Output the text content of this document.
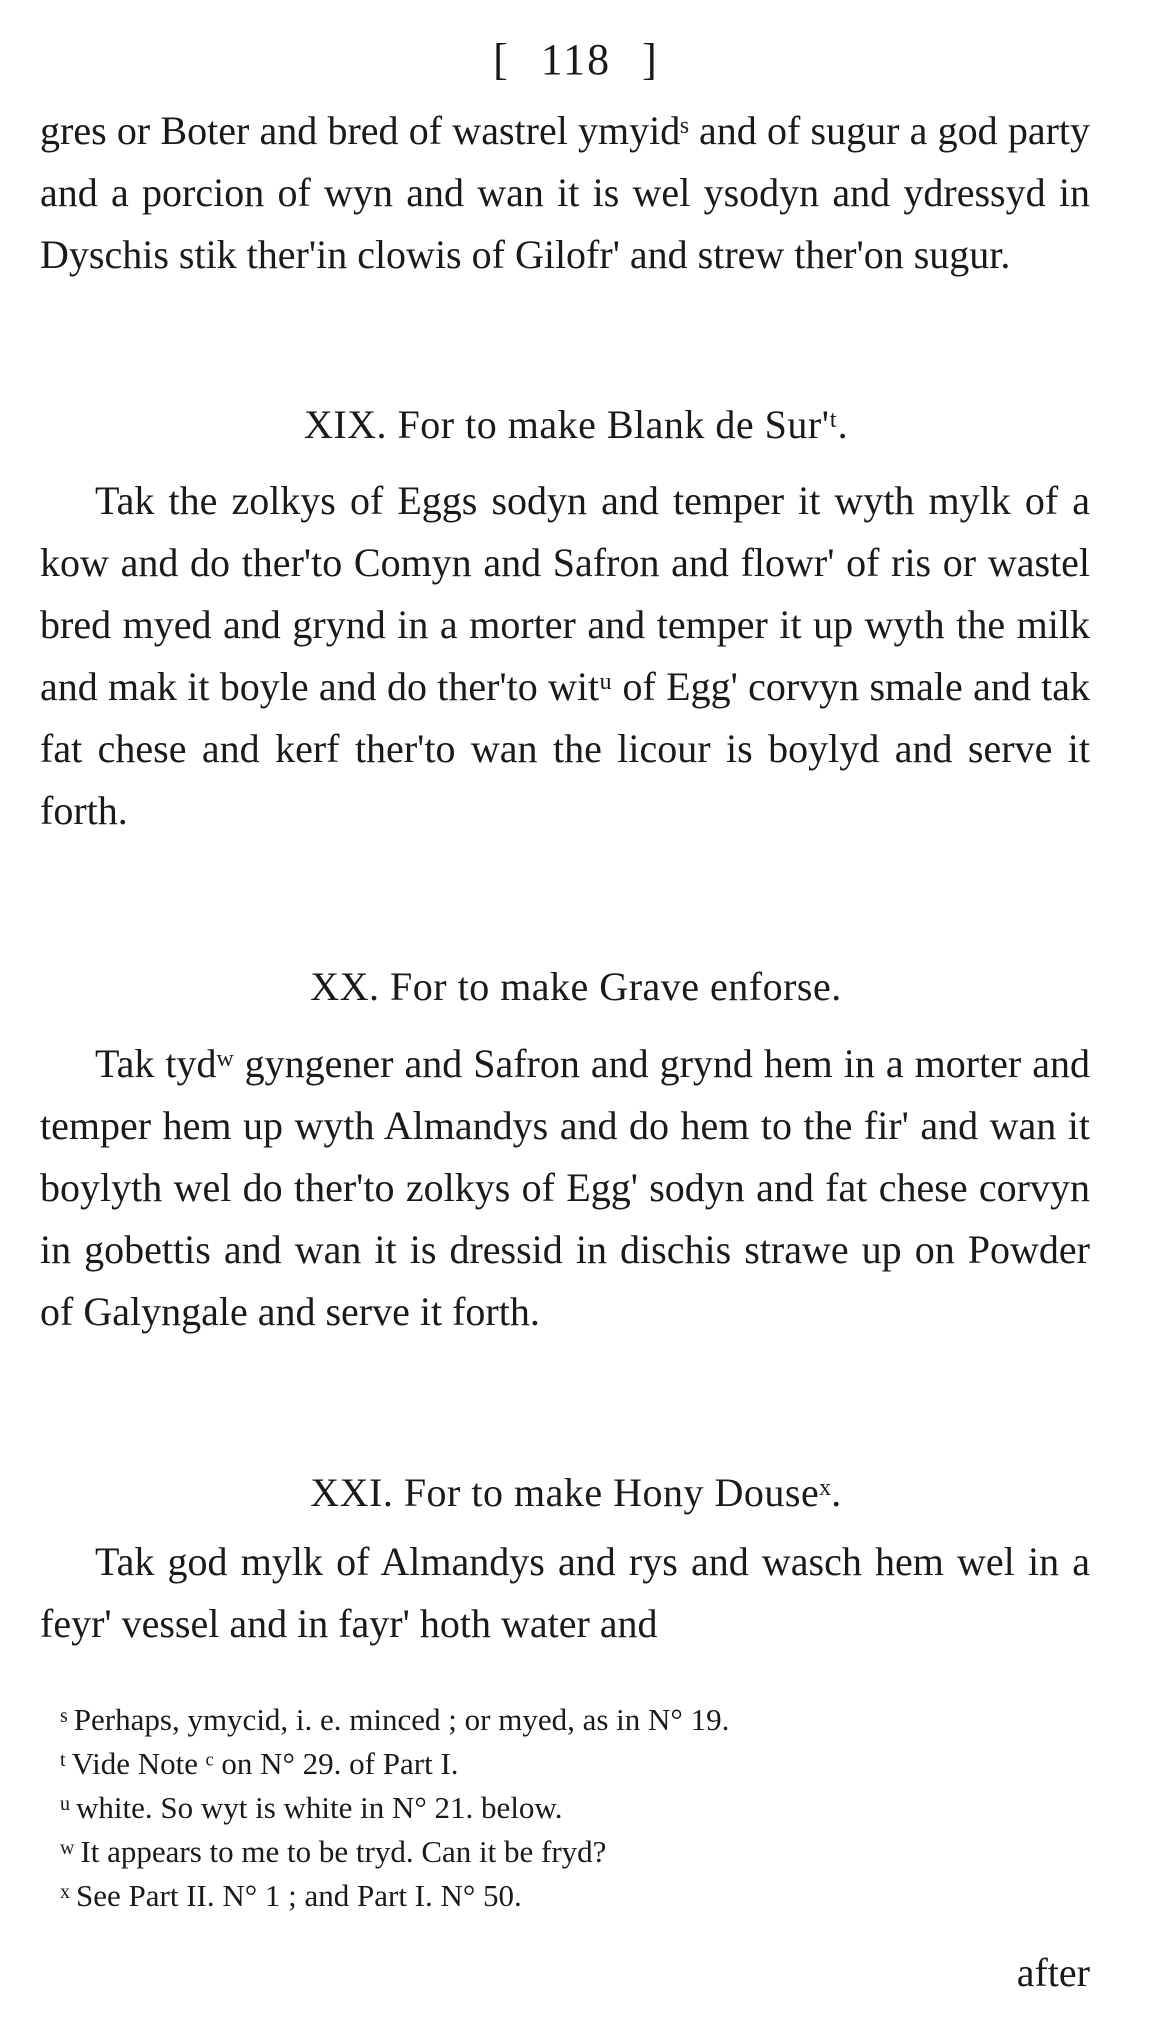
[ 118 ]

gres or Boter and bred of wastrel ymyidˢ and of sugur a god party and a porcion of wyn and wan it is wel ysodyn and ydressyd in Dyschis stik ther'in clowis of Gilofr' and strew ther'on sugur.

XIX. For to make Blank de Sur'ᵗ.

Tak the zolkys of Eggs sodyn and temper it wyth mylk of a kow and do ther'to Comyn and Safron and flowr' of ris or wastel bred myed and grynd in a morter and temper it up wyth the milk and mak it boyle and do ther'to witᵘ of Egg' corvyn smale and tak fat chese and kerf ther'to wan the licour is boylyd and serve it forth.

XX. For to make Grave enforse.

Tak tydʷ gyngener and Safron and grynd hem in a morter and temper hem up wyth Almandys and do hem to the fir' and wan it boylyth wel do ther'to zolkys of Egg' sodyn and fat chese corvyn in gobettis and wan it is dressid in dischis strawe up on Powder of Galyngale and serve it forth.

XXI. For to make Hony Douseˣ.

Tak god mylk of Almandys and rys and wasch hem wel in a feyr' vessel and in fayr' hoth water and

$^s$ Perhaps, ymycid, i. e. minced ; or myed, as in N° 19.

$^t$ Vide Note ᶜ on N° 29. of Part I.

$^u$ white. So wyt is white in N° 21. below.

$^w$ It appears to me to be tryd. Can it be fryd?

$^x$ See Part II. N° 1 ; and Part I. N° 50.

after
